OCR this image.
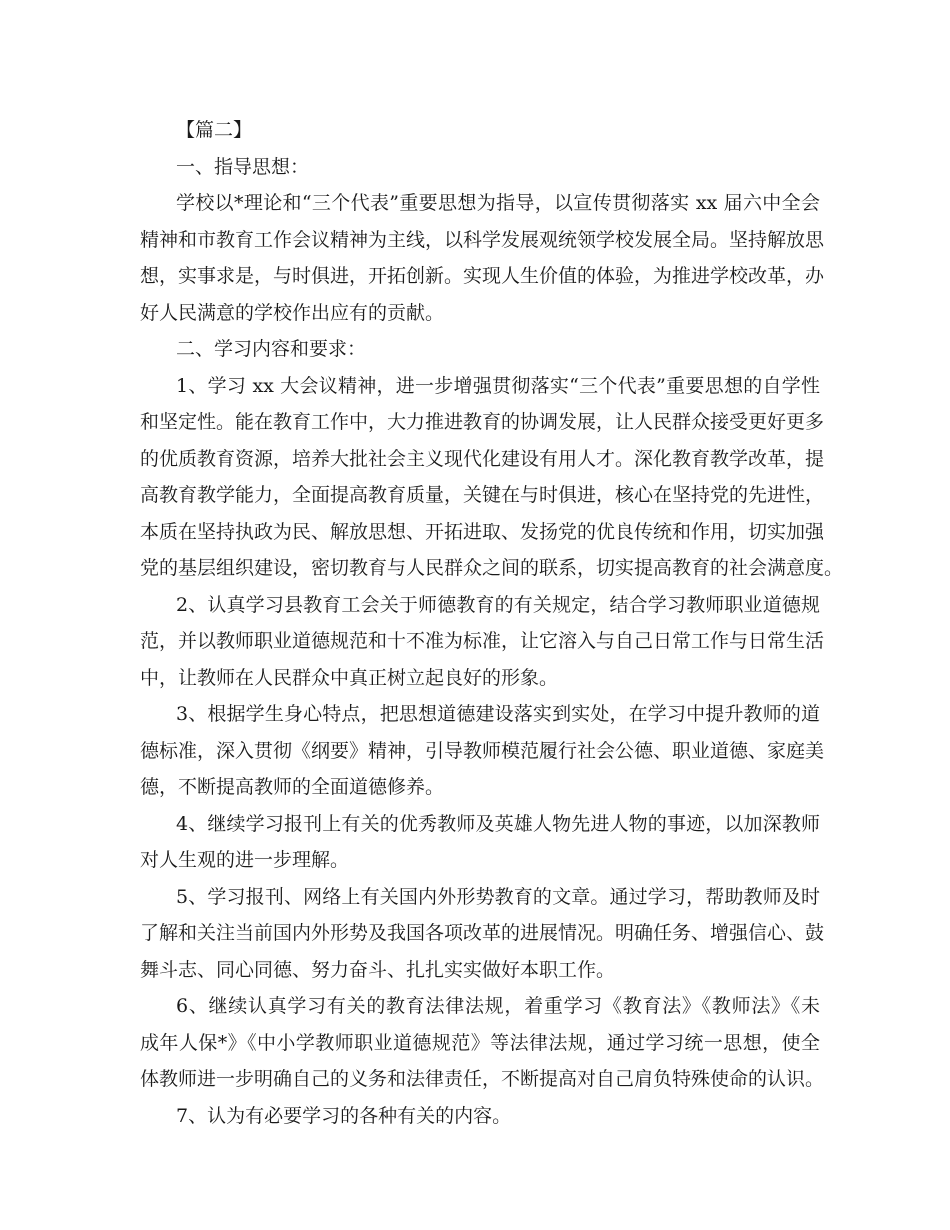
【篇二】
一、指导思想：
学校以*理论和“三个代表”重要思想为指导，以宣传贯彻落实 xx 届六中全会
精神和市教育工作会议精神为主线，以科学发展观统领学校发展全局。坚持解放思
想，实事求是，与时俱进，开拓创新。实现人生价值的体验，为推进学校改革，办
好人民满意的学校作出应有的贡献。
二、学习内容和要求：
1、学习 xx 大会议精神，进一步增强贯彻落实“三个代表”重要思想的自学性
和坚定性。能在教育工作中，大力推进教育的协调发展，让人民群众接受更好更多
的优质教育资源，培养大批社会主义现代化建设有用人才。深化教育教学改革，提
高教育教学能力，全面提高教育质量，关键在与时俱进，核心在坚持党的先进性，
本质在坚持执政为民、解放思想、开拓进取、发扬党的优良传统和作用，切实加强
党的基层组织建设，密切教育与人民群众之间的联系，切实提高教育的社会满意度。
2、认真学习县教育工会关于师德教育的有关规定，结合学习教师职业道德规
范，并以教师职业道德规范和十不准为标准，让它溶入与自己日常工作与日常生活
中，让教师在人民群众中真正树立起良好的形象。
3、根据学生身心特点，把思想道德建设落实到实处，在学习中提升教师的道
德标准，深入贯彻《纲要》精神，引导教师模范履行社会公德、职业道德、家庭美
德，不断提高教师的全面道德修养。
4、继续学习报刊上有关的优秀教师及英雄人物先进人物的事迹，以加深教师
对人生观的进一步理解。
5、学习报刊、网络上有关国内外形势教育的文章。通过学习，帮助教师及时
了解和关注当前国内外形势及我国各项改革的进展情况。明确任务、增强信心、鼓
舞斗志、同心同德、努力奋斗、扎扎实实做好本职工作。
6、继续认真学习有关的教育法律法规，着重学习《教育法》《教师法》《未
成年人保*》《中小学教师职业道德规范》等法律法规，通过学习统一思想，使全
体教师进一步明确自己的义务和法律责任，不断提高对自己肩负特殊使命的认识。
7、认为有必要学习的各种有关的内容。
